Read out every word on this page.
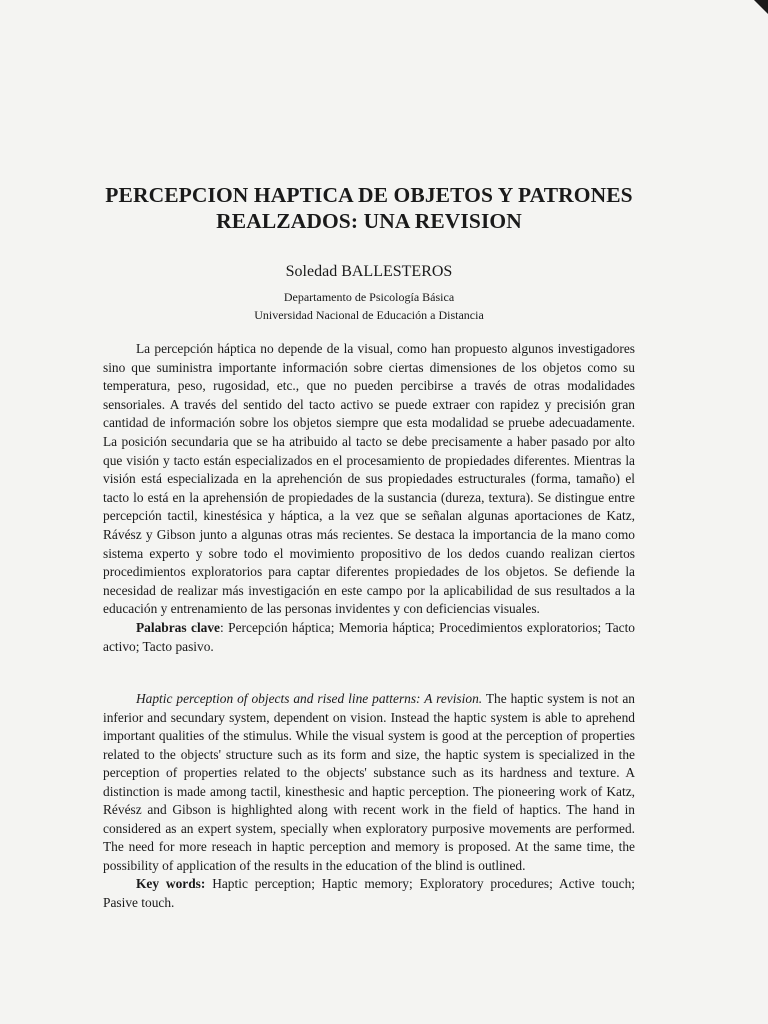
PERCEPCION HAPTICA DE OBJETOS Y PATRONES
REALZADOS: UNA REVISION
Soledad BALLESTEROS

Departamento de Psicología Básica

Universidad Nacional de Educación a Distancia

La percepción háptica no depende de la visual, como han propuesto algunos investigadores sino que suministra importante información sobre ciertas dimensiones de los objetos como su temperatura, peso, rugosidad, etc., que no pueden percibirse a través de otras modalidades sensoriales. A través del sentido del tacto activo se puede extraer con rapidez y precisión gran cantidad de información sobre los objetos siempre que esta modalidad se pruebe adecuadamente. La posición secundaria que se ha atribuido al tacto se debe precisamente a haber pasado por alto que visión y tacto están especializados en el procesamiento de propiedades diferentes. Mientras la visión está especializada en la aprehención de sus propiedades estructurales (forma, tamaño) el tacto lo está en la aprehensión de propiedades de la sustancia (dureza, textura). Se distingue entre percepción tactil, kinestésica y háptica, a la vez que se señalan algunas aportaciones de Katz, Rávész y Gibson junto a algunas otras más recientes. Se destaca la importancia de la mano como sistema experto y sobre todo el movimiento propositivo de los dedos cuando realizan ciertos procedimientos exploratorios para captar diferentes propiedades de los objetos. Se defiende la necesidad de realizar más investigación en este campo por la aplicabilidad de sus resultados a la educación y entrenamiento de las personas invidentes y con deficiencias visuales.

Palabras clave: Percepción háptica; Memoria háptica; Procedimientos exploratorios; Tacto activo; Tacto pasivo.

Haptic perception of objects and rised line patterns: A revision. The haptic system is not an inferior and secundary system, dependent on vision. Instead the haptic system is able to aprehend important qualities of the stimulus. While the visual system is good at the perception of properties related to the objects' structure such as its form and size, the haptic system is specialized in the perception of properties related to the objects' substance such as its hardness and texture. A distinction is made among tactil, kinesthesic and haptic perception. The pioneering work of Katz, Révész and Gibson is highlighted along with recent work in the field of haptics. The hand in considered as an expert system, specially when exploratory purposive movements are performed. The need for more reseach in haptic perception and memory is proposed. At the same time, the possibility of application of the results in the education of the blind is outlined.

Key words: Haptic perception; Haptic memory; Exploratory procedures; Active touch; Pasive touch.
